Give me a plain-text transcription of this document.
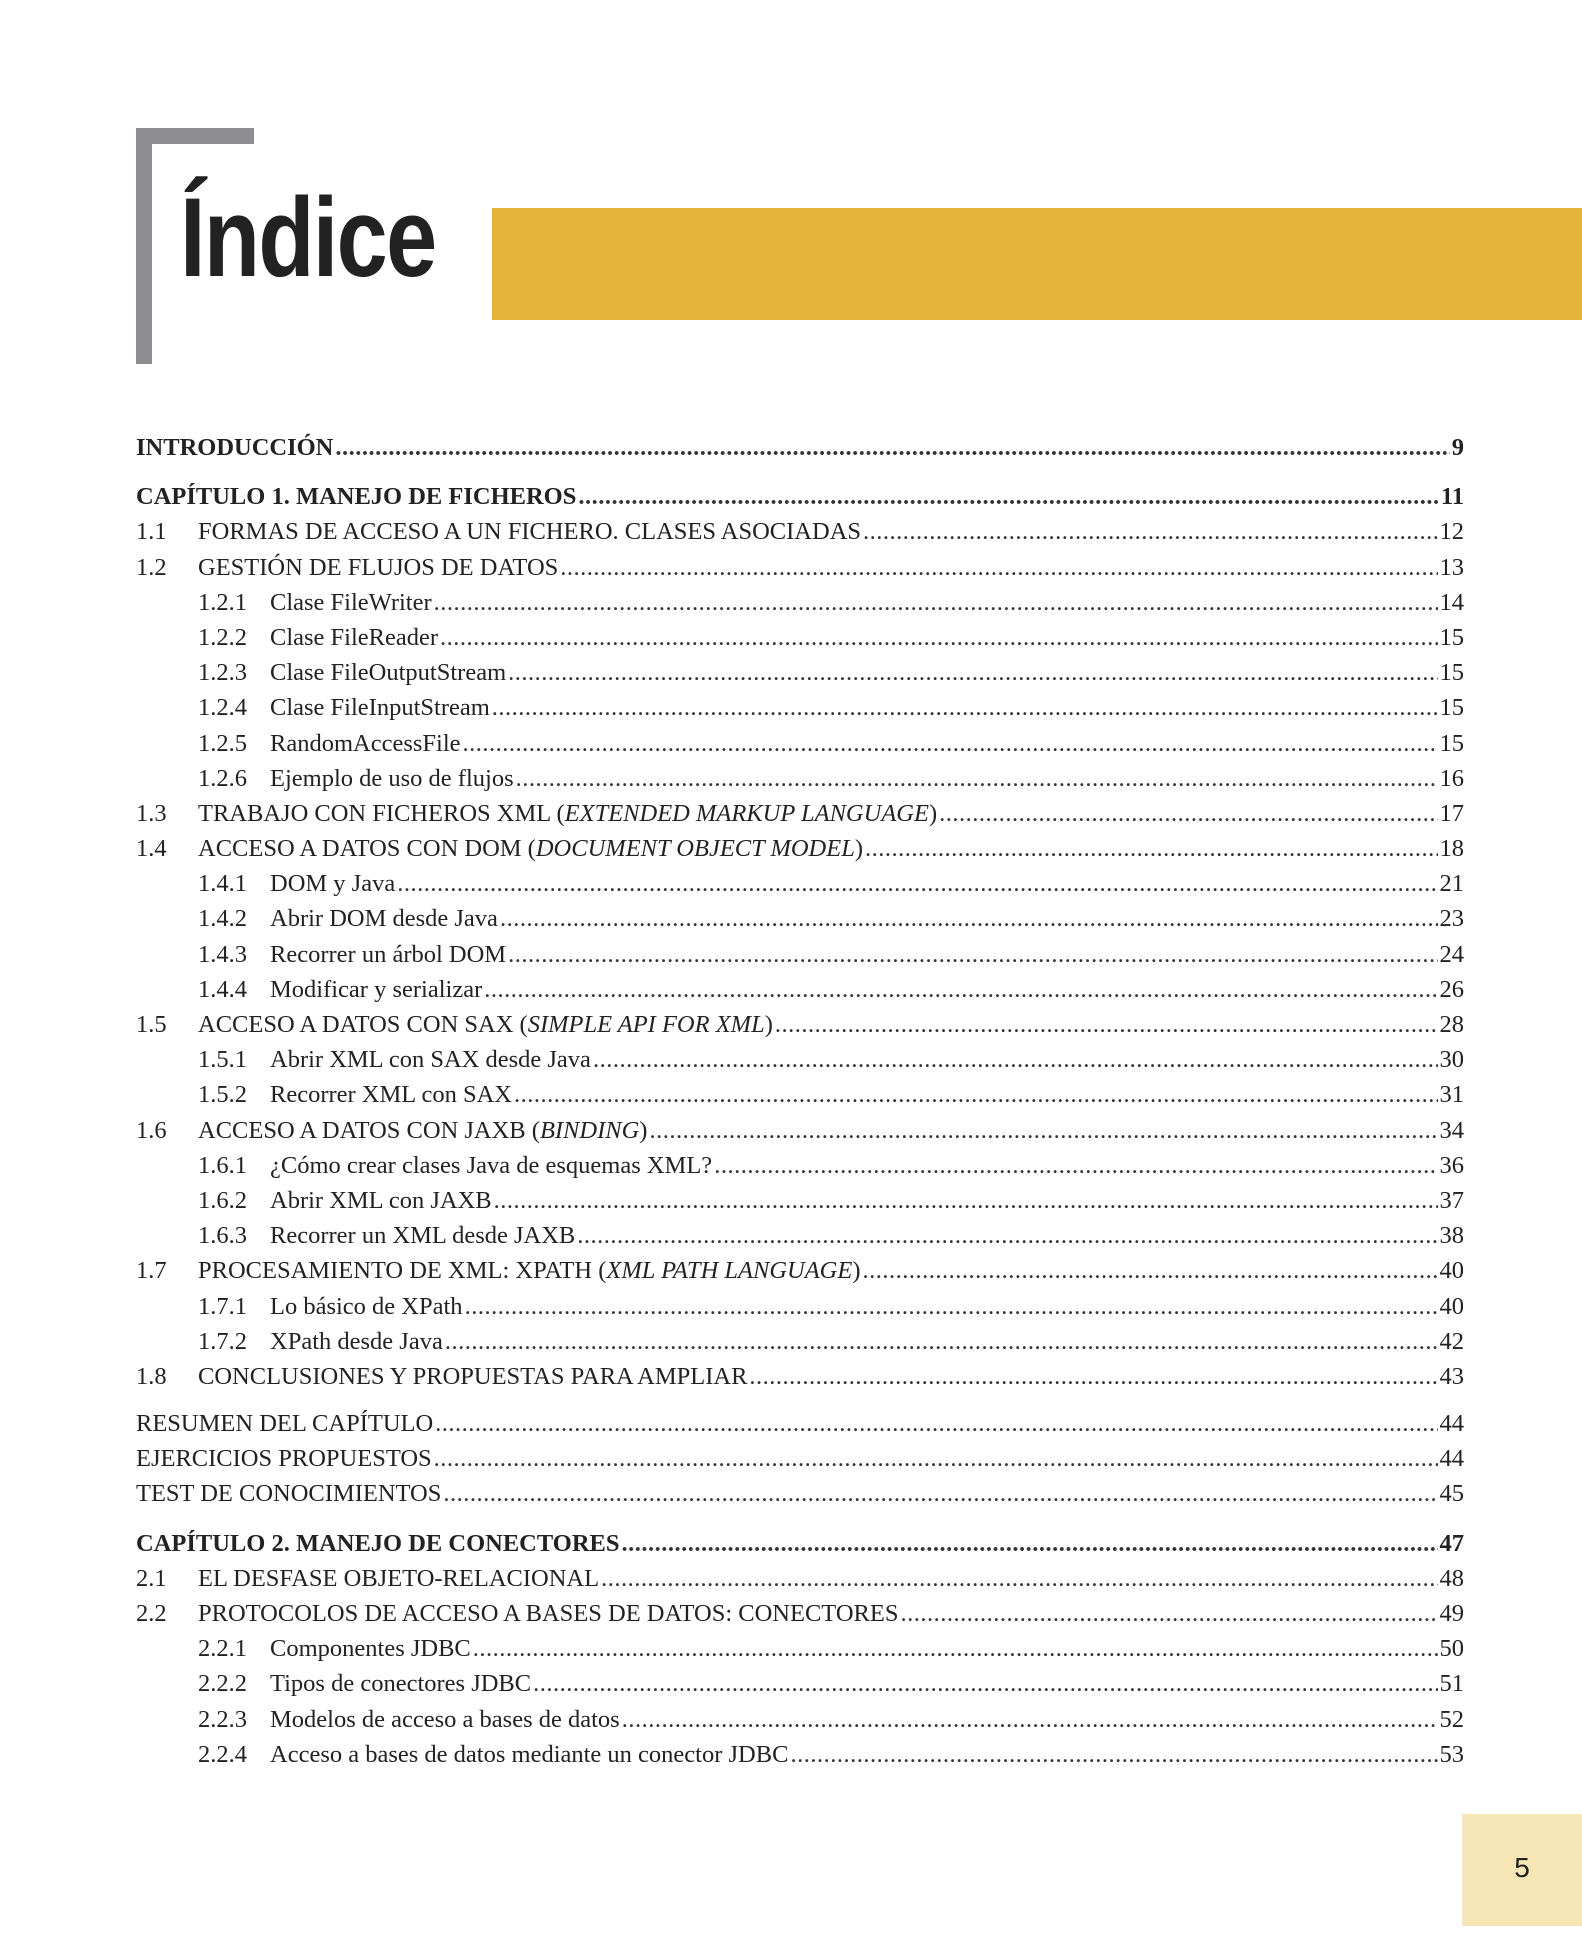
Índice
INTRODUCCIÓN .....	9
CAPÍTULO 1. MANEJO DE FICHEROS .....	11
1.1	FORMAS DE ACCESO A UN FICHERO. CLASES ASOCIADAS .....	12
1.2	GESTIÓN DE FLUJOS DE DATOS .....	13
1.2.1 Clase FileWriter .....	14
1.2.2 Clase FileReader .....	15
1.2.3 Clase FileOutputStream .....	15
1.2.4 Clase FileInputStream .....	15
1.2.5 RandomAccessFile .....	15
1.2.6 Ejemplo de uso de flujos .....	16
1.3	TRABAJO CON FICHEROS XML (EXTENDED MARKUP LANGUAGE) .....	17
1.4	ACCESO A DATOS CON DOM (DOCUMENT OBJECT MODEL) .....	18
1.4.1 DOM y Java .....	21
1.4.2 Abrir DOM desde Java .....	23
1.4.3 Recorrer un árbol DOM .....	24
1.4.4 Modificar y serializar .....	26
1.5	ACCESO A DATOS CON SAX (SIMPLE API FOR XML) .....	28
1.5.1 Abrir XML con SAX desde Java .....	30
1.5.2 Recorrer XML con SAX .....	31
1.6	ACCESO A DATOS CON JAXB (BINDING) .....	34
1.6.1 ¿Cómo crear clases Java de esquemas XML? .....	36
1.6.2 Abrir XML con JAXB .....	37
1.6.3 Recorrer un XML desde JAXB .....	38
1.7	PROCESAMIENTO DE XML: XPATH (XML PATH LANGUAGE) .....	40
1.7.1 Lo básico de XPath .....	40
1.7.2 XPath desde Java .....	42
1.8	CONCLUSIONES Y PROPUESTAS PARA AMPLIAR .....	43
RESUMEN DEL CAPÍTULO .....	44
EJERCICIOS PROPUESTOS .....	44
TEST DE CONOCIMIENTOS .....	45
CAPÍTULO 2. MANEJO DE CONECTORES .....	47
2.1	EL DESFASE OBJETO-RELACIONAL .....	48
2.2	PROTOCOLOS DE ACCESO A BASES DE DATOS: CONECTORES .....	49
2.2.1 Componentes JDBC .....	50
2.2.2 Tipos de conectores JDBC .....	51
2.2.3 Modelos de acceso a bases de datos .....	52
2.2.4 Acceso a bases de datos mediante un conector JDBC .....	53
5
